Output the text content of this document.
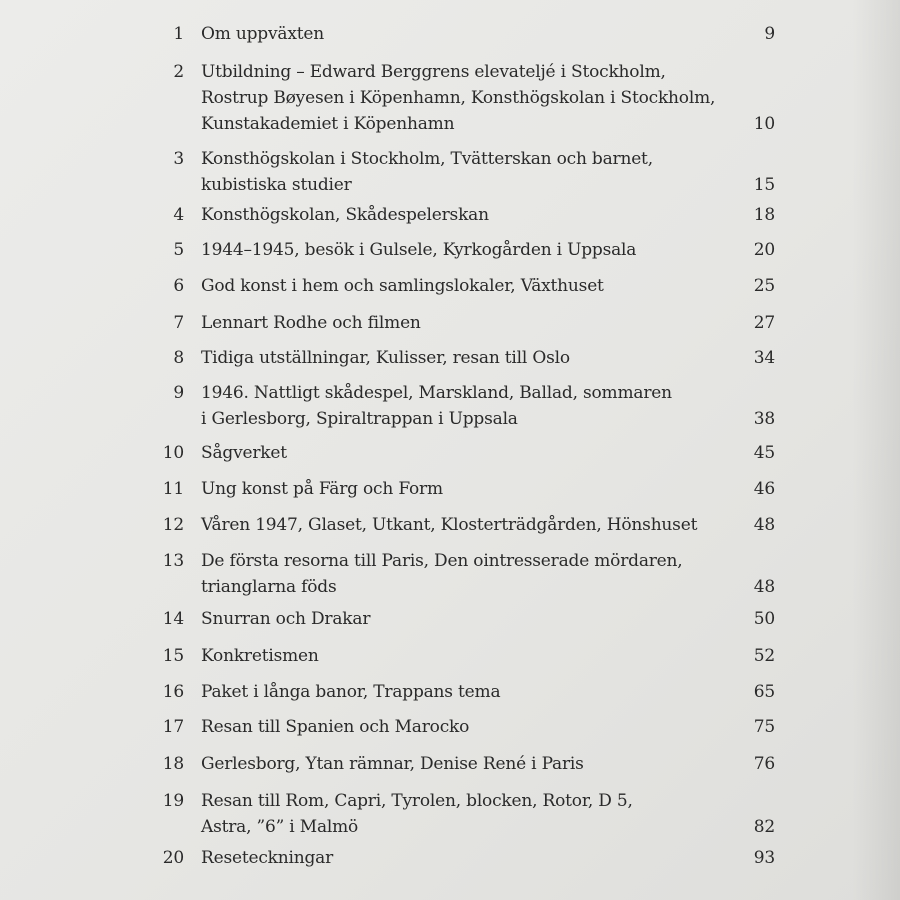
1 Om uppväxten	9
2 Utbildning – Edward Berggrens elevateljé i Stockholm,
Rostrup Bøyesen i Köpenhamn, Konsthögskolan i Stockholm,
Kunstakademiet i Köpenhamn	10
3 Konsthögskolan i Stockholm, Tvätterskan och barnet,
kubistiska studier	15
4 Konsthögskolan, Skådespelerskan	18
5 1944–1945, besök i Gulsele, Kyrkogården i Uppsala	20
6 God konst i hem och samlingslokaler, Växthuset	25
7 Lennart Rodhe och filmen	27
8 Tidiga utställningar, Kulisser, resan till Oslo	34
9 1946. Nattligt skådespel, Marskland, Ballad, sommaren
i Gerlesborg, Spiraltrappan i Uppsala	38
10 Sågverket	45
11 Ung konst på Färg och Form	46
12 Våren 1947, Glaset, Utkant, Klosterträdgården, Hönshuset	48
13 De första resorna till Paris, Den ointresserade mördaren,
trianglarna föds	48
14 Snurran och Drakar	50
15 Konkretismen	52
16 Paket i långa banor, Trappans tema	65
17 Resan till Spanien och Marocko	75
18 Gerlesborg, Ytan rämnar, Denise René i Paris	76
19 Resan till Rom, Capri, Tyrolen, blocken, Rotor, D 5,
Astra, ”6” i Malmö	82
20 Reseteckningar	93
